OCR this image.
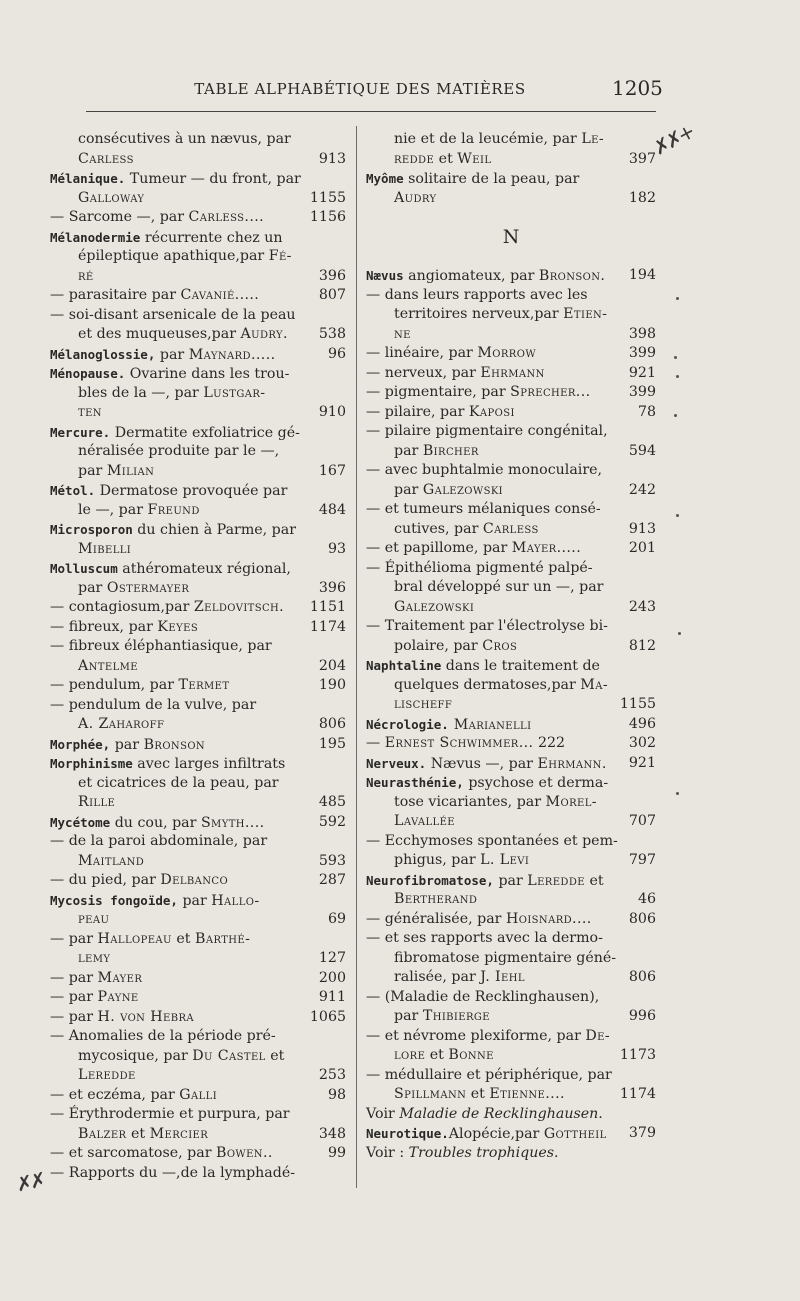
TABLE ALPHABÉTIQUE DES MATIÈRES	1205
consécutives à un nævus, par
Carless	913
Mélanique. Tumeur — du front, par
Galloway	1155
— Sarcome —, par Carless....	1156
Mélanodermie récurrente chez un
épileptique apathique,par Fé-
ré	396
— parasitaire par Cavanié.....	807
— soi-disant arsenicale de la peau
et des muqueuses,par Audry. 538
Mélanoglossie, par Maynard.....	96
Ménopause. Ovarine dans les trou-
bles de la —, par Lustgar-
ten	910
Mercure. Dermatite exfoliatrice gé-
néralisée produite par le —,
par Milian	167
Métol. Dermatose provoquée par
le —, par Freund	484
Microsporon du chien à Parme, par
Mibelli	93
Molluscum athéromateux régional,
par Ostermayer	396
— contagiosum,par Zeldovitsch. 1151
— fibreux, par Keyes	1174
— fibreux éléphantiasique, par
Antelme	204
— pendulum, par Termet	190
— pendulum de la vulve, par
A. Zaharoff	806
Morphée, par Bronson	195
Morphinisme avec larges infiltrats
et cicatrices de la peau, par
Rille	485
Mycétome du cou, par Smyth....	592
— de la paroi abdominale, par
Maitland	593
— du pied, par Delbanco	287
Mycosis fongoïde, par Hallo-
peau	69
— par Hallopeau et Barthé-
lemy	127
— par Mayer	200
— par Payne	911
— par H. von Hebra	1065
— Anomalies de la période pré-
mycosique, par Du Castel et
Leredde	253
— et eczéma, par Galli	98
— Érythrodermie et purpura, par
Balzer et Mercier	348
— et sarcomatose, par Bowen..	99
— Rapports du —,de la lymphadé-
nie et de la leucémie, par Le-
redde et Weil	397
Myôme solitaire de la peau, par
Audry	182
N
Nævus angiomateux, par Bronson. 194
— dans leurs rapports avec les
territoires nerveux,par Etien-
ne	398
— linéaire, par Morrow	399
— nerveux, par Ehrmann	921
— pigmentaire, par Sprecher...	399
— pilaire, par Kaposi	78
— pilaire pigmentaire congénital,
par Bircher	594
— avec buphtalmie monoculaire,
par Galezowski	242
— et tumeurs mélaniques consé-
cutives, par Carless	913
— et papillome, par Mayer.....	201
— Épithélioma pigmenté palpé-
bral développé sur un —, par
Galezowski	243
— Traitement par l'électrolyse bi-
polaire, par Cros	812
Naphtaline dans le traitement de
quelques dermatoses,par Ma-
lischeff	1155
Nécrologie. Marianelli	496
— Ernest Schwimmer... 222	302
Nerveux. Nævus —, par Ehrmann. 921
Neurasthénie, psychose et derma-
tose vicariantes, par Morel-
Lavallée	707
— Ecchymoses spontanées et pem-
phigus, par L. Levi	797
Neurofibromatose, par Leredde et
Bertherand	46
— généralisée, par Hoisnard....	806
— et ses rapports avec la dermo-
fibromatose pigmentaire géné-
ralisée, par J. Iehl	806
— (Maladie de Recklinghausen),
par Thibierge	996
— et névrome plexiforme, par De-
lore et Bonne	1173
— médullaire et périphérique, par
Spillmann et Etienne....	1174
Voir Maladie de Recklinghausen.
Neurotique.Alopécie,par Gottheil 379
Voir : Troubles trophiques.
✗✗+
✗✗
